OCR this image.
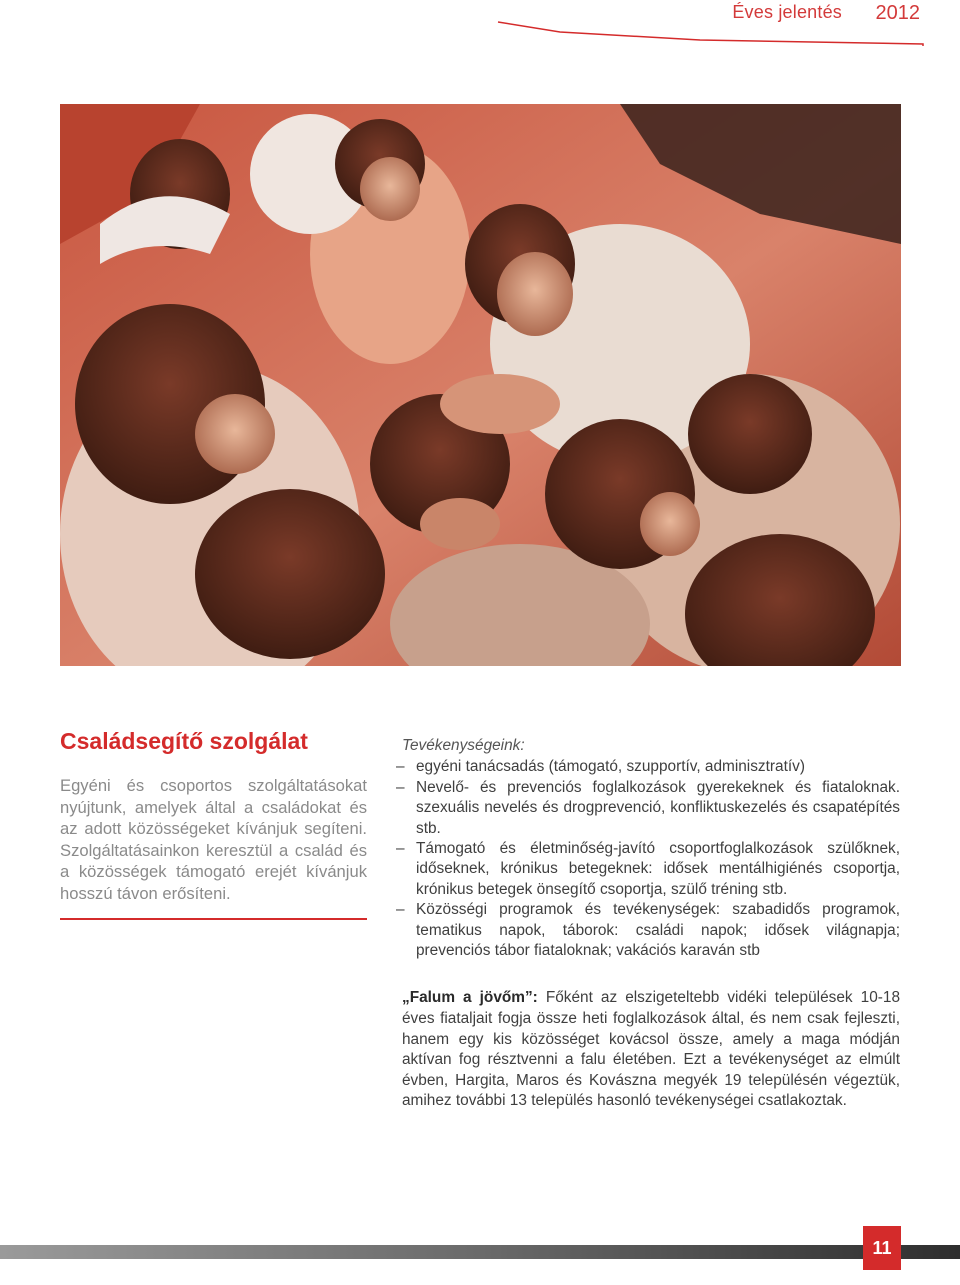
Éves jelentés 2012
Családsegítő szolgálat

Egyéni és csoportos szolgáltatásokat nyújtunk, amelyek által a családokat és az adott közösségeket kívánjuk segíteni. Szolgáltatásainkon keresztül a család és a közösségek támogató erejét kívánjuk hosszú távon erősíteni.

Tevékenységeink:

– egyéni tanácsadás (támogató, szupportív, adminisztratív)
– Nevelő- és prevenciós foglalkozások gyerekeknek és fiataloknak. szexuális nevelés és drogprevenció, konfliktuskezelés és csapatépítés stb.
– Támogató és életminőség-javító csoportfoglalkozások szülőknek, időseknek, krónikus betegeknek: idősek mentálhigiénés csoportja, krónikus betegek önsegítő csoportja, szülő tréning stb.
– Közösségi programok és tevékenységek: szabadidős programok, tematikus napok, táborok: családi napok; idősek világnapja; prevenciós tábor fiataloknak; vakációs karaván stb

„Falum a jövőm”: Főként az elszigeteltebb vidéki települések 10-18 éves fiataljait fogja össze heti foglalkozások által, és nem csak fejleszti, hanem egy kis közösséget kovácsol össze, amely a maga módján aktívan fog résztvenni a falu életében. Ezt a tevékenységet az elmúlt évben, Hargita, Maros és Kovászna megyék 19 településén végeztük, amihez további 13 település hasonló tevékenységei csatlakoztak.

11
